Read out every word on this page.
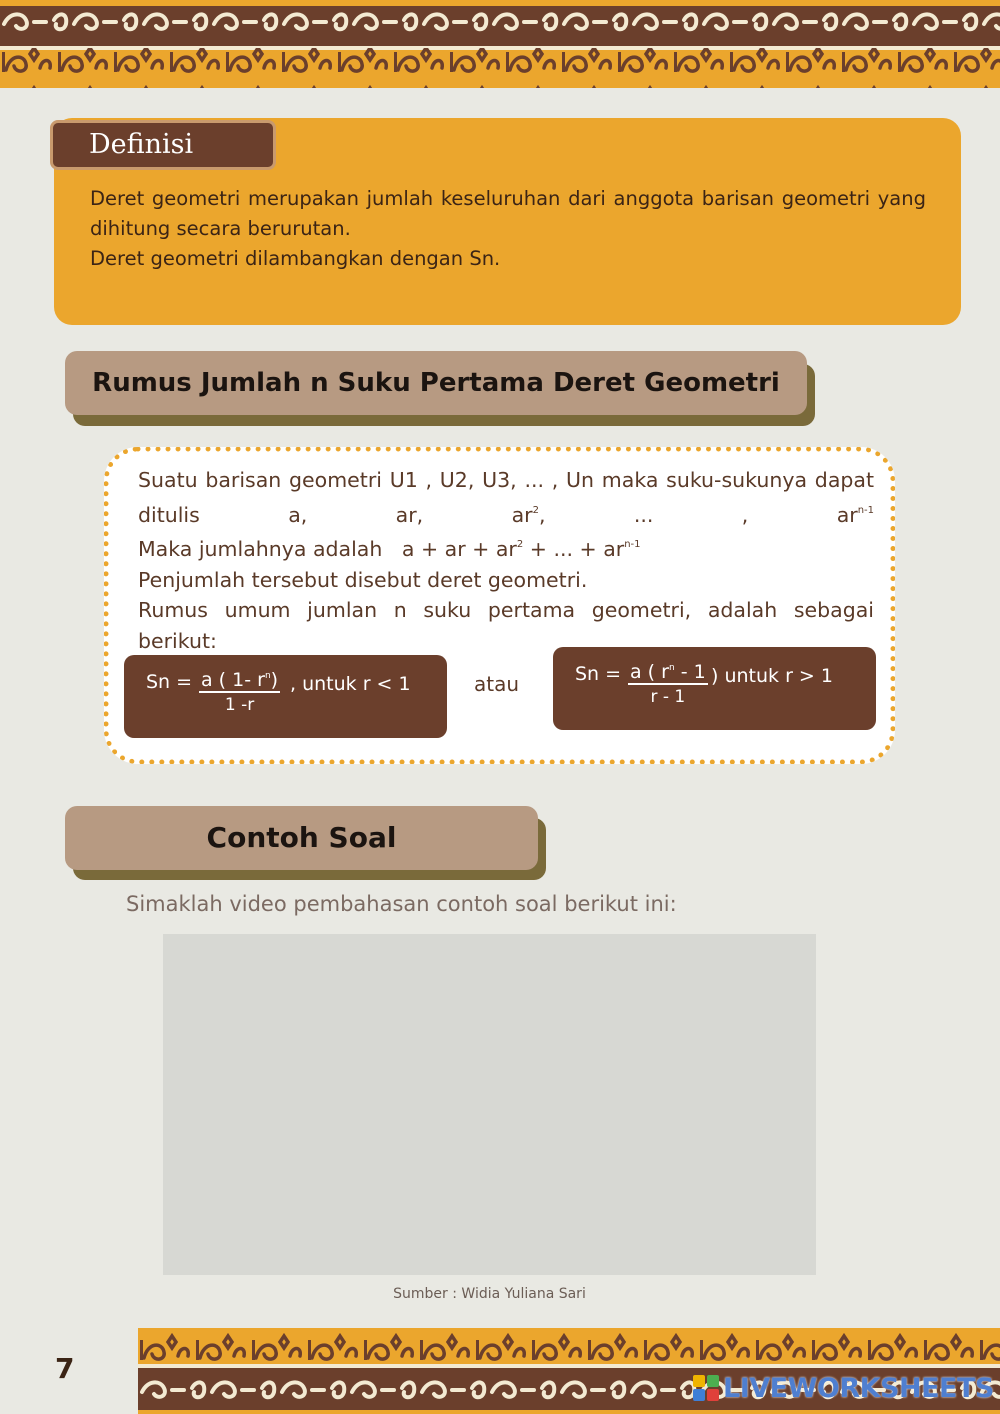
Definisi

Deret geometri merupakan jumlah keseluruhan dari anggota barisan geometri yang dihitung secara berurutan.

Deret geometri dilambangkan dengan Sn.

Rumus Jumlah n Suku Pertama Deret Geometri

Suatu barisan geometri U1 , U2, U3, ... , Un maka suku-sukunya dapat ditulis a, ar, $ar^2$, ... , $ar^{n-1}$

Maka jumlahnya adalah   a + ar + $ar^2$ + ... + $ar^{n-1}$

Penjumlah tersebut disebut deret geometri.

Rumus umum jumlan n suku pertama geometri, adalah sebagai berikut:

$Sn = \frac{a ( 1- r^n)}{1 -r}$ , untuk r < 1	atau	$Sn = \frac{a ( r^n - 1}{r - 1}$ ) untuk r > 1
Contoh Soal
Simaklah video pembahasan contoh soal berikut ini:
Sumber : Widia Yuliana Sari
7
LIVEWORKSHEETS
